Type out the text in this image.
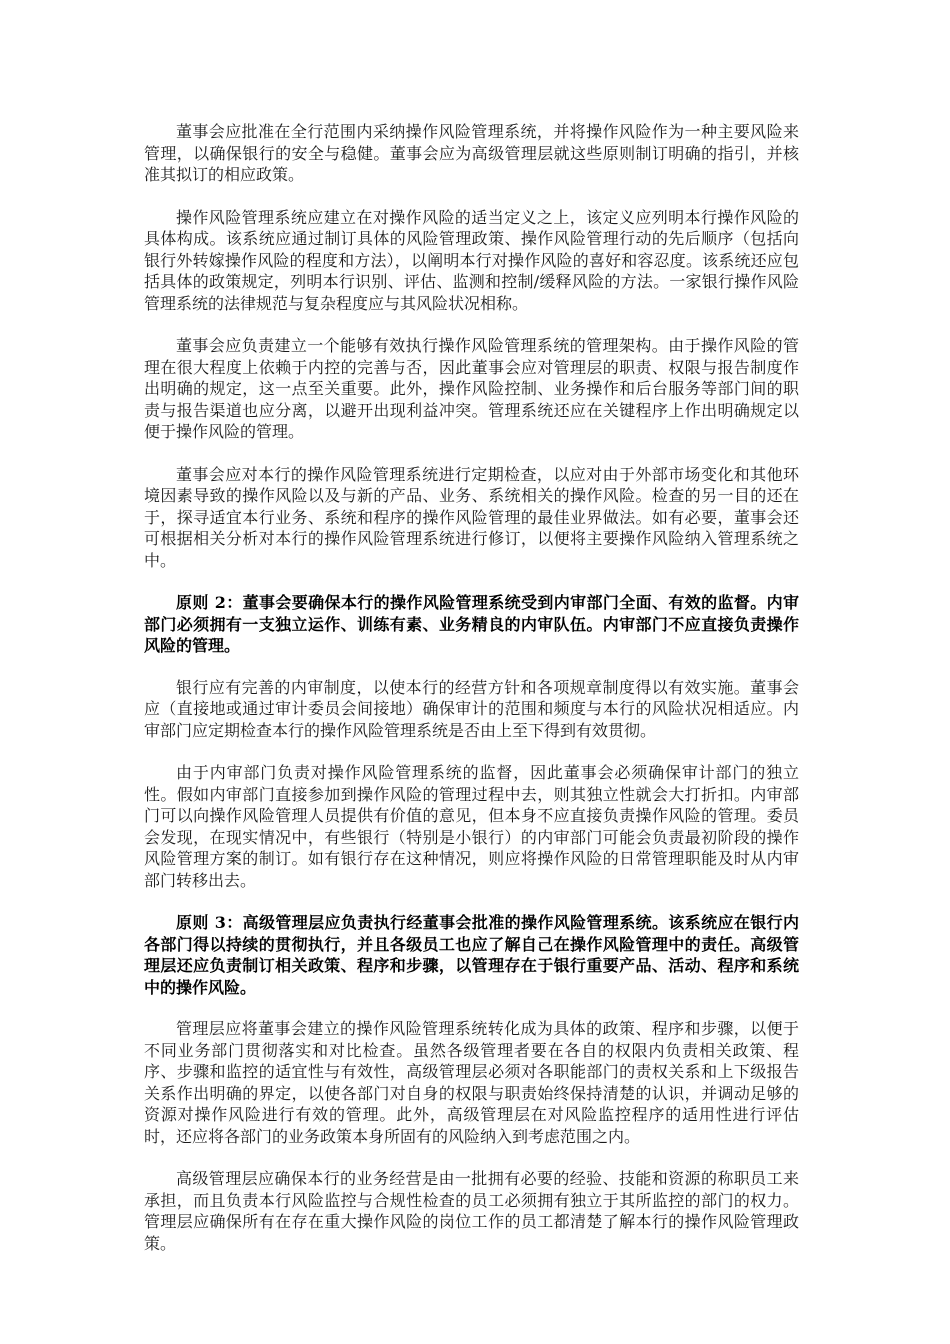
董事会应批准在全行范围内采纳操作风险管理系统，并将操作风险作为一种主要风险来管理，以确保银行的安全与稳健。董事会应为高级管理层就这些原则制订明确的指引，并核准其拟订的相应政策。

操作风险管理系统应建立在对操作风险的适当定义之上，该定义应列明本行操作风险的具体构成。该系统应通过制订具体的风险管理政策、操作风险管理行动的先后顺序（包括向银行外转嫁操作风险的程度和方法），以阐明本行对操作风险的喜好和容忍度。该系统还应包括具体的政策规定，列明本行识别、评估、监测和控制/缓释风险的方法。一家银行操作风险管理系统的法律规范与复杂程度应与其风险状况相称。

董事会应负责建立一个能够有效执行操作风险管理系统的管理架构。由于操作风险的管理在很大程度上依赖于内控的完善与否，因此董事会应对管理层的职责、权限与报告制度作出明确的规定，这一点至关重要。此外，操作风险控制、业务操作和后台服务等部门间的职责与报告渠道也应分离，以避开出现利益冲突。管理系统还应在关键程序上作出明确规定以便于操作风险的管理。

董事会应对本行的操作风险管理系统进行定期检查，以应对由于外部市场变化和其他环境因素导致的操作风险以及与新的产品、业务、系统相关的操作风险。检查的另一目的还在于，探寻适宜本行业务、系统和程序的操作风险管理的最佳业界做法。如有必要，董事会还可根据相关分析对本行的操作风险管理系统进行修订，以便将主要操作风险纳入管理系统之中。

原则 2：董事会要确保本行的操作风险管理系统受到内审部门全面、有效的监督。内审部门必须拥有一支独立运作、训练有素、业务精良的内审队伍。内审部门不应直接负责操作风险的管理。

银行应有完善的内审制度，以使本行的经营方针和各项规章制度得以有效实施。董事会应（直接地或通过审计委员会间接地）确保审计的范围和频度与本行的风险状况相适应。内审部门应定期检查本行的操作风险管理系统是否由上至下得到有效贯彻。

由于内审部门负责对操作风险管理系统的监督，因此董事会必须确保审计部门的独立性。假如内审部门直接参加到操作风险的管理过程中去，则其独立性就会大打折扣。内审部门可以向操作风险管理人员提供有价值的意见，但本身不应直接负责操作风险的管理。委员会发现，在现实情况中，有些银行（特别是小银行）的内审部门可能会负责最初阶段的操作风险管理方案的制订。如有银行存在这种情况，则应将操作风险的日常管理职能及时从内审部门转移出去。

原则 3：高级管理层应负责执行经董事会批准的操作风险管理系统。该系统应在银行内各部门得以持续的贯彻执行，并且各级员工也应了解自己在操作风险管理中的责任。高级管理层还应负责制订相关政策、程序和步骤，以管理存在于银行重要产品、活动、程序和系统中的操作风险。

管理层应将董事会建立的操作风险管理系统转化成为具体的政策、程序和步骤，以便于不同业务部门贯彻落实和对比检查。虽然各级管理者要在各自的权限内负责相关政策、程序、步骤和监控的适宜性与有效性，高级管理层必须对各职能部门的责权关系和上下级报告关系作出明确的界定，以使各部门对自身的权限与职责始终保持清楚的认识，并调动足够的资源对操作风险进行有效的管理。此外，高级管理层在对风险监控程序的适用性进行评估时，还应将各部门的业务政策本身所固有的风险纳入到考虑范围之内。

高级管理层应确保本行的业务经营是由一批拥有必要的经验、技能和资源的称职员工来承担，而且负责本行风险监控与合规性检查的员工必须拥有独立于其所监控的部门的权力。管理层应确保所有在存在重大操作风险的岗位工作的员工都清楚了解本行的操作风险管理政策。
